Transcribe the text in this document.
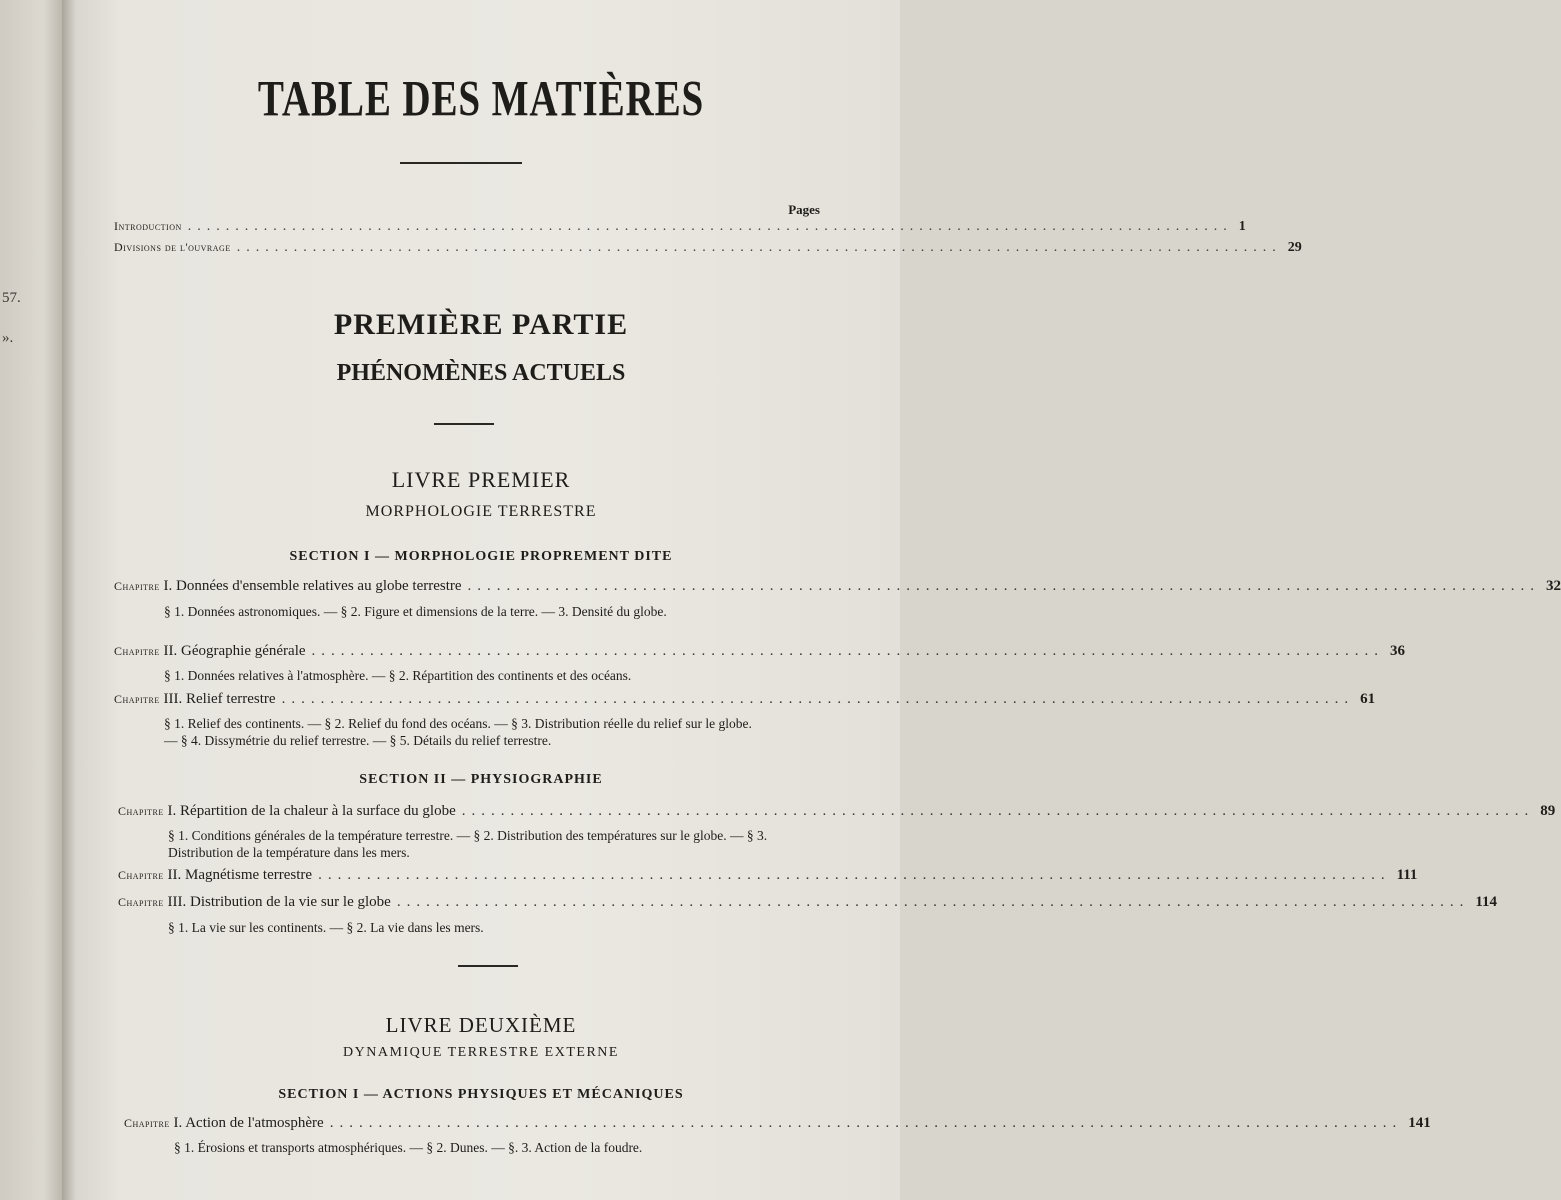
57.
».
TABLE DES MATIÈRES
Pages
Introduction .............................................................................................................. 1
Divisions de l'ouvrage .............................................................................................................. 29
PREMIÈRE PARTIE
PHÉNOMÈNES ACTUELS
LIVRE PREMIER
MORPHOLOGIE TERRESTRE
SECTION I — MORPHOLOGIE PROPREMENT DITE
Chapitre I. Données d'ensemble relatives au globe terrestre .............................................................................................................. 32
§ 1. Données astronomiques. — § 2. Figure et dimensions de la terre. — 3. Densité du globe.
Chapitre II. Géographie générale .............................................................................................................. 36
§ 1. Données relatives à l'atmosphère. — § 2. Répartition des continents et des océans.
Chapitre III. Relief terrestre .............................................................................................................. 61
§ 1. Relief des continents. — § 2. Relief du fond des océans. — § 3. Distribution réelle du relief sur le globe. — § 4. Dissymétrie du relief terrestre. — § 5. Détails du relief terrestre.
SECTION II — PHYSIOGRAPHIE
Chapitre I. Répartition de la chaleur à la surface du globe .............................................................................................................. 89
§ 1. Conditions générales de la température terrestre. — § 2. Distribution des températures sur le globe. — § 3. Distribution de la température dans les mers.
Chapitre II. Magnétisme terrestre .............................................................................................................. 111
Chapitre III. Distribution de la vie sur le globe .............................................................................................................. 114
§ 1. La vie sur les continents. — § 2. La vie dans les mers.
LIVRE DEUXIÈME
DYNAMIQUE TERRESTRE EXTERNE
SECTION I — ACTIONS PHYSIQUES ET MÉCANIQUES
Chapitre I. Action de l'atmosphère .............................................................................................................. 141
§ 1. Érosions et transports atmosphériques. — § 2. Dunes. — §. 3. Action de la foudre.
